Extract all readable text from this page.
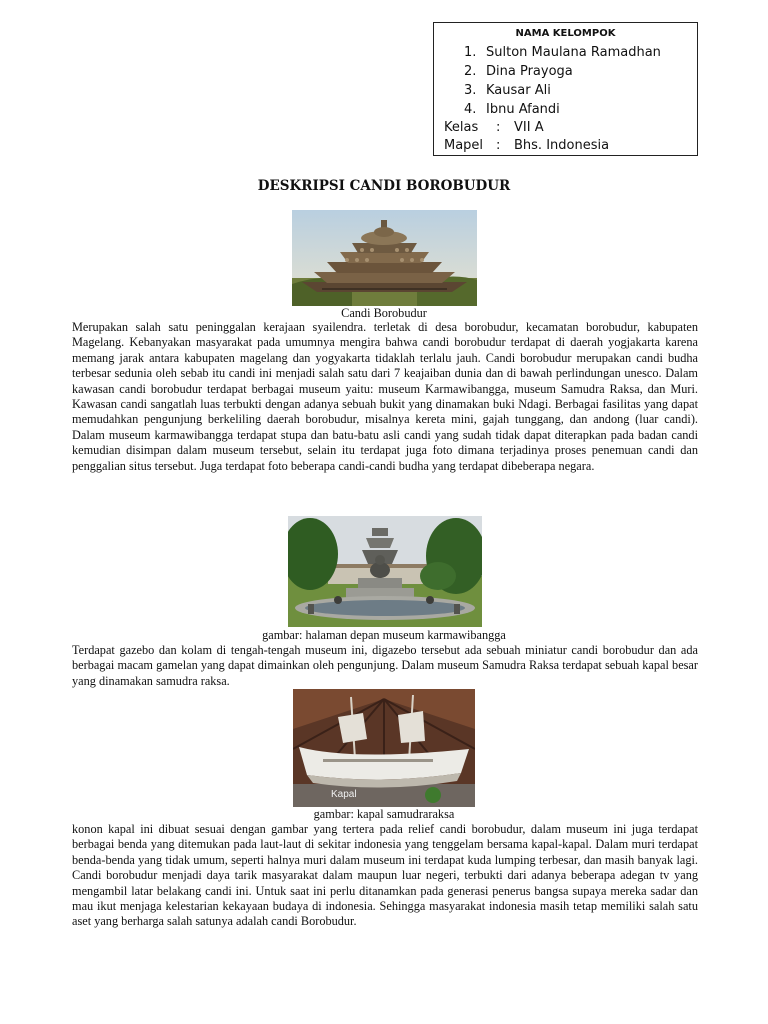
NAMA KELOMPOK
1. Sulton Maulana Ramadhan
2. Dina Prayoga
3. Kausar Ali
4. Ibnu Afandi
Kelas : VII A
Mapel : Bhs. Indonesia
DESKRIPSI CANDI BOROBUDUR
Candi Borobudur

Merupakan salah satu peninggalan kerajaan syailendra. terletak di desa borobudur, kecamatan borobudur, kabupaten Magelang. Kebanyakan masyarakat pada umumnya mengira bahwa candi borobudur terdapat di daerah yogjakarta karena memang jarak antara kabupaten magelang dan yogyakarta tidaklah terlalu jauh. Candi borobudur merupakan candi budha terbesar sedunia oleh sebab itu candi ini menjadi salah satu dari 7 keajaiban dunia dan di bawah perlindungan unesco. Dalam kawasan candi borobudur terdapat berbagai museum yaitu: museum Karmawibangga, museum Samudra Raksa, dan Muri. Kawasan candi sangatlah luas terbukti dengan adanya sebuah bukit yang dinamakan buki Ndagi. Berbagai fasilitas yang dapat memudahkan pengunjung berkeliling daerah borobudur, misalnya kereta mini, gajah tunggang, dan andong (luar candi). Dalam museum karmawibangga terdapat stupa dan batu-batu asli candi yang sudah tidak dapat diterapkan pada badan candi kemudian disimpan dalam museum tersebut, selain itu terdapat juga foto dimana terjadinya proses penemuan candi dan penggalian situs tersebut. Juga terdapat foto beberapa candi-candi budha yang terdapat dibeberapa negara.

gambar: halaman depan museum karmawibangga

Terdapat gazebo dan kolam di tengah-tengah museum ini, digazebo tersebut ada sebuah miniatur candi borobudur dan ada berbagai macam gamelan yang dapat dimainkan oleh pengunjung. Dalam museum Samudra Raksa terdapat sebuah kapal besar yang dinamakan samudra raksa.

Kapal
gambar: kapal samudraraksa

konon kapal ini dibuat sesuai dengan gambar yang tertera pada relief candi borobudur, dalam museum ini juga terdapat berbagai benda yang ditemukan pada laut-laut di sekitar indonesia yang tenggelam bersama kapal-kapal. Dalam muri terdapat benda-benda yang tidak umum, seperti halnya muri dalam museum ini terdapat kuda lumping terbesar, dan masih banyak lagi. Candi borobudur menjadi daya tarik masyarakat dalam maupun luar negeri, terbukti dari adanya beberapa adegan tv yang mengambil latar belakang candi ini. Untuk saat ini perlu ditanamkan pada generasi penerus bangsa supaya mereka sadar dan mau ikut menjaga kelestarian kekayaan budaya di indonesia. Sehingga masyarakat indonesia masih tetap memiliki salah satu aset yang berharga salah satunya adalah candi Borobudur.
